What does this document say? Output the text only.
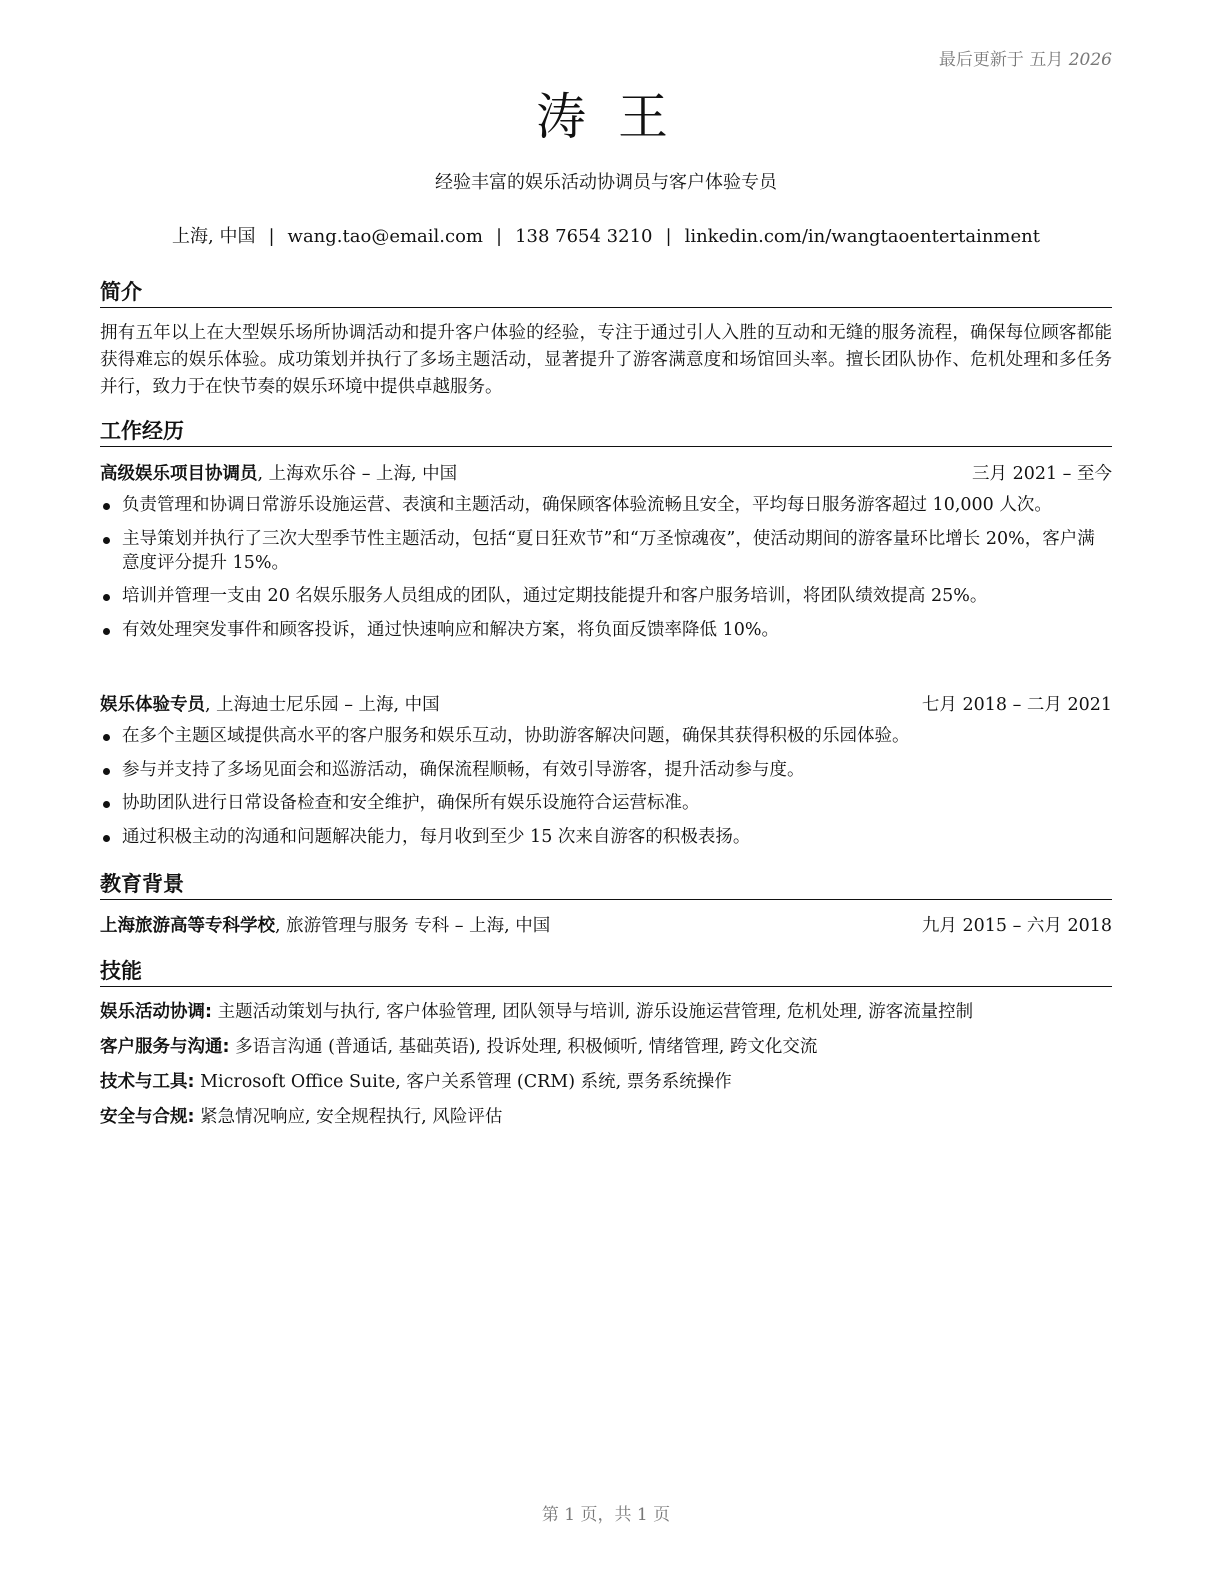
最后更新于 五月 2026
涛 王
经验丰富的娱乐活动协调员与客户体验专员
上海, 中国 | wang.tao@email.com | 138 7654 3210 | linkedin.com/in/wangtaoentertainment
简介
拥有五年以上在大型娱乐场所协调活动和提升客户体验的经验，专注于通过引人入胜的互动和无缝的服务流程，确保每位顾客都能获得难忘的娱乐体验。成功策划并执行了多场主题活动，显著提升了游客满意度和场馆回头率。擅长团队协作、危机处理和多任务并行，致力于在快节奏的娱乐环境中提供卓越服务。
工作经历
高级娱乐项目协调员, 上海欢乐谷 – 上海, 中国	三月 2021 – 至今
负责管理和协调日常游乐设施运营、表演和主题活动，确保顾客体验流畅且安全，平均每日服务游客超过 10,000 人次。
主导策划并执行了三次大型季节性主题活动，包括“夏日狂欢节”和“万圣惊魂夜”，使活动期间的游客量环比增长 20%，客户满意度评分提升 15%。
培训并管理一支由 20 名娱乐服务人员组成的团队，通过定期技能提升和客户服务培训，将团队绩效提高 25%。
有效处理突发事件和顾客投诉，通过快速响应和解决方案，将负面反馈率降低 10%。
娱乐体验专员, 上海迪士尼乐园 – 上海, 中国	七月 2018 – 二月 2021
在多个主题区域提供高水平的客户服务和娱乐互动，协助游客解决问题，确保其获得积极的乐园体验。
参与并支持了多场见面会和巡游活动，确保流程顺畅，有效引导游客，提升活动参与度。
协助团队进行日常设备检查和安全维护，确保所有娱乐设施符合运营标准。
通过积极主动的沟通和问题解决能力，每月收到至少 15 次来自游客的积极表扬。
教育背景
上海旅游高等专科学校, 旅游管理与服务 专科 – 上海, 中国	九月 2015 – 六月 2018
技能
娱乐活动协调: 主题活动策划与执行, 客户体验管理, 团队领导与培训, 游乐设施运营管理, 危机处理, 游客流量控制
客户服务与沟通: 多语言沟通 (普通话, 基础英语), 投诉处理, 积极倾听, 情绪管理, 跨文化交流
技术与工具: Microsoft Office Suite, 客户关系管理 (CRM) 系统, 票务系统操作
安全与合规: 紧急情况响应, 安全规程执行, 风险评估
第 1 页，共 1 页
